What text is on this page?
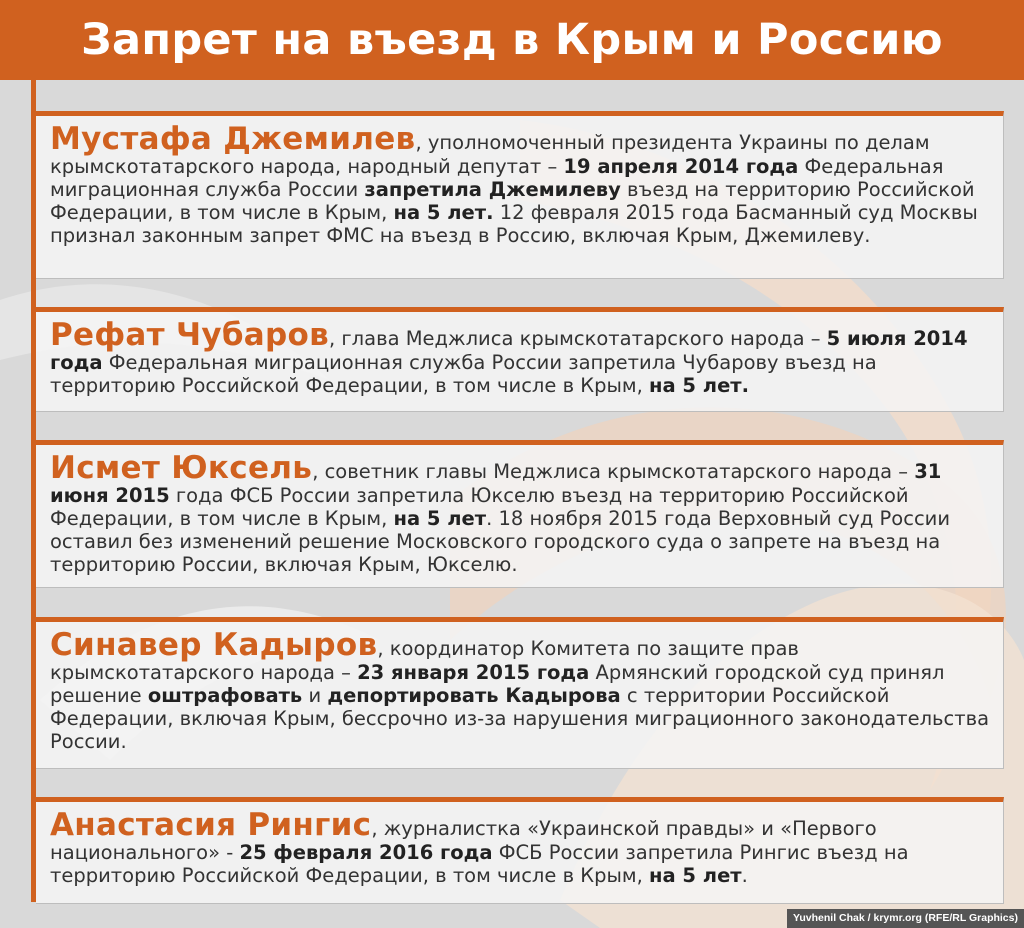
Запрет на въезд в Крым и Россию

Мустафа Джемилев, уполномоченный президента Украины по делам крымскотатарского народа, народный депутат – 19 апреля 2014 года Федеральная миграционная служба России запретила Джемилеву въезд на территорию Российской Федерации, в том числе в Крым, на 5 лет. 12 февраля 2015 года Басманный суд Москвы признал законным запрет ФМС на въезд в Россию, включая Крым, Джемилеву.

Рефат Чубаров, глава Меджлиса крымскотатарского народа – 5 июля 2014 года Федеральная миграционная служба России запретила Чубарову въезд на территорию Российской Федерации, в том числе в Крым, на 5 лет.

Исмет Юксель, советник главы Меджлиса крымскотатарского народа – 31 июня 2015 года ФСБ России запретила Юкселю въезд на территорию Российской Федерации, в том числе в Крым, на 5 лет. 18 ноября 2015 года Верховный суд России оставил без изменений решение Московского городского суда о запрете на въезд на территорию России, включая Крым, Юкселю.

Синавер Кадыров, координатор Комитета по защите прав крымскотатарского народа – 23 января 2015 года Армянский городской суд принял решение оштрафовать и депортировать Кадырова с территории Российской Федерации, включая Крым, бессрочно из-за нарушения миграционного законодательства России.

Анастасия Рингис, журналистка «Украинской правды» и «Первого национального» - 25 февраля 2016 года ФСБ России запретила Рингис въезд на территорию Российской Федерации, в том числе в Крым, на 5 лет.

Yuvhenil Chak / krymr.org (RFE/RL Graphics)
